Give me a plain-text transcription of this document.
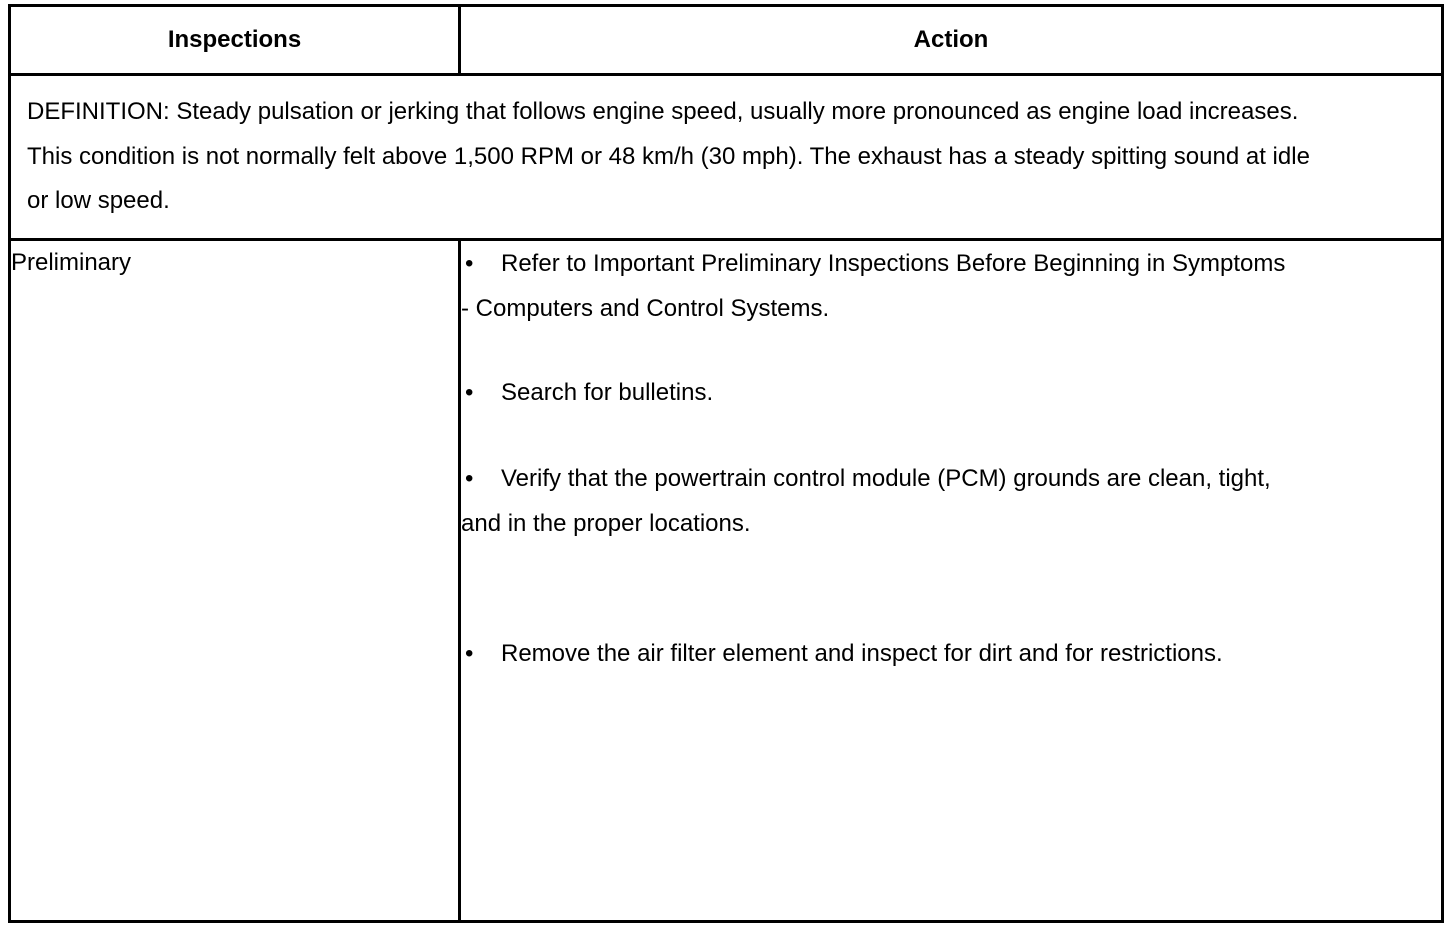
Inspections	Action

DEFINITION: Steady pulsation or jerking that follows engine speed, usually more pronounced as engine load increases. This condition is not normally felt above 1,500 RPM or 48 km/h (30 mph). The exhaust has a steady spitting sound at idle or low speed.	

Preliminary	• Refer to Important Preliminary Inspections Before Beginning in Symptoms - Computers and Control Systems.

• Search for bulletins.

• Verify that the powertrain control module (PCM) grounds are clean, tight, and in the proper locations.

• Remove the air filter element and inspect for dirt and for restrictions.
